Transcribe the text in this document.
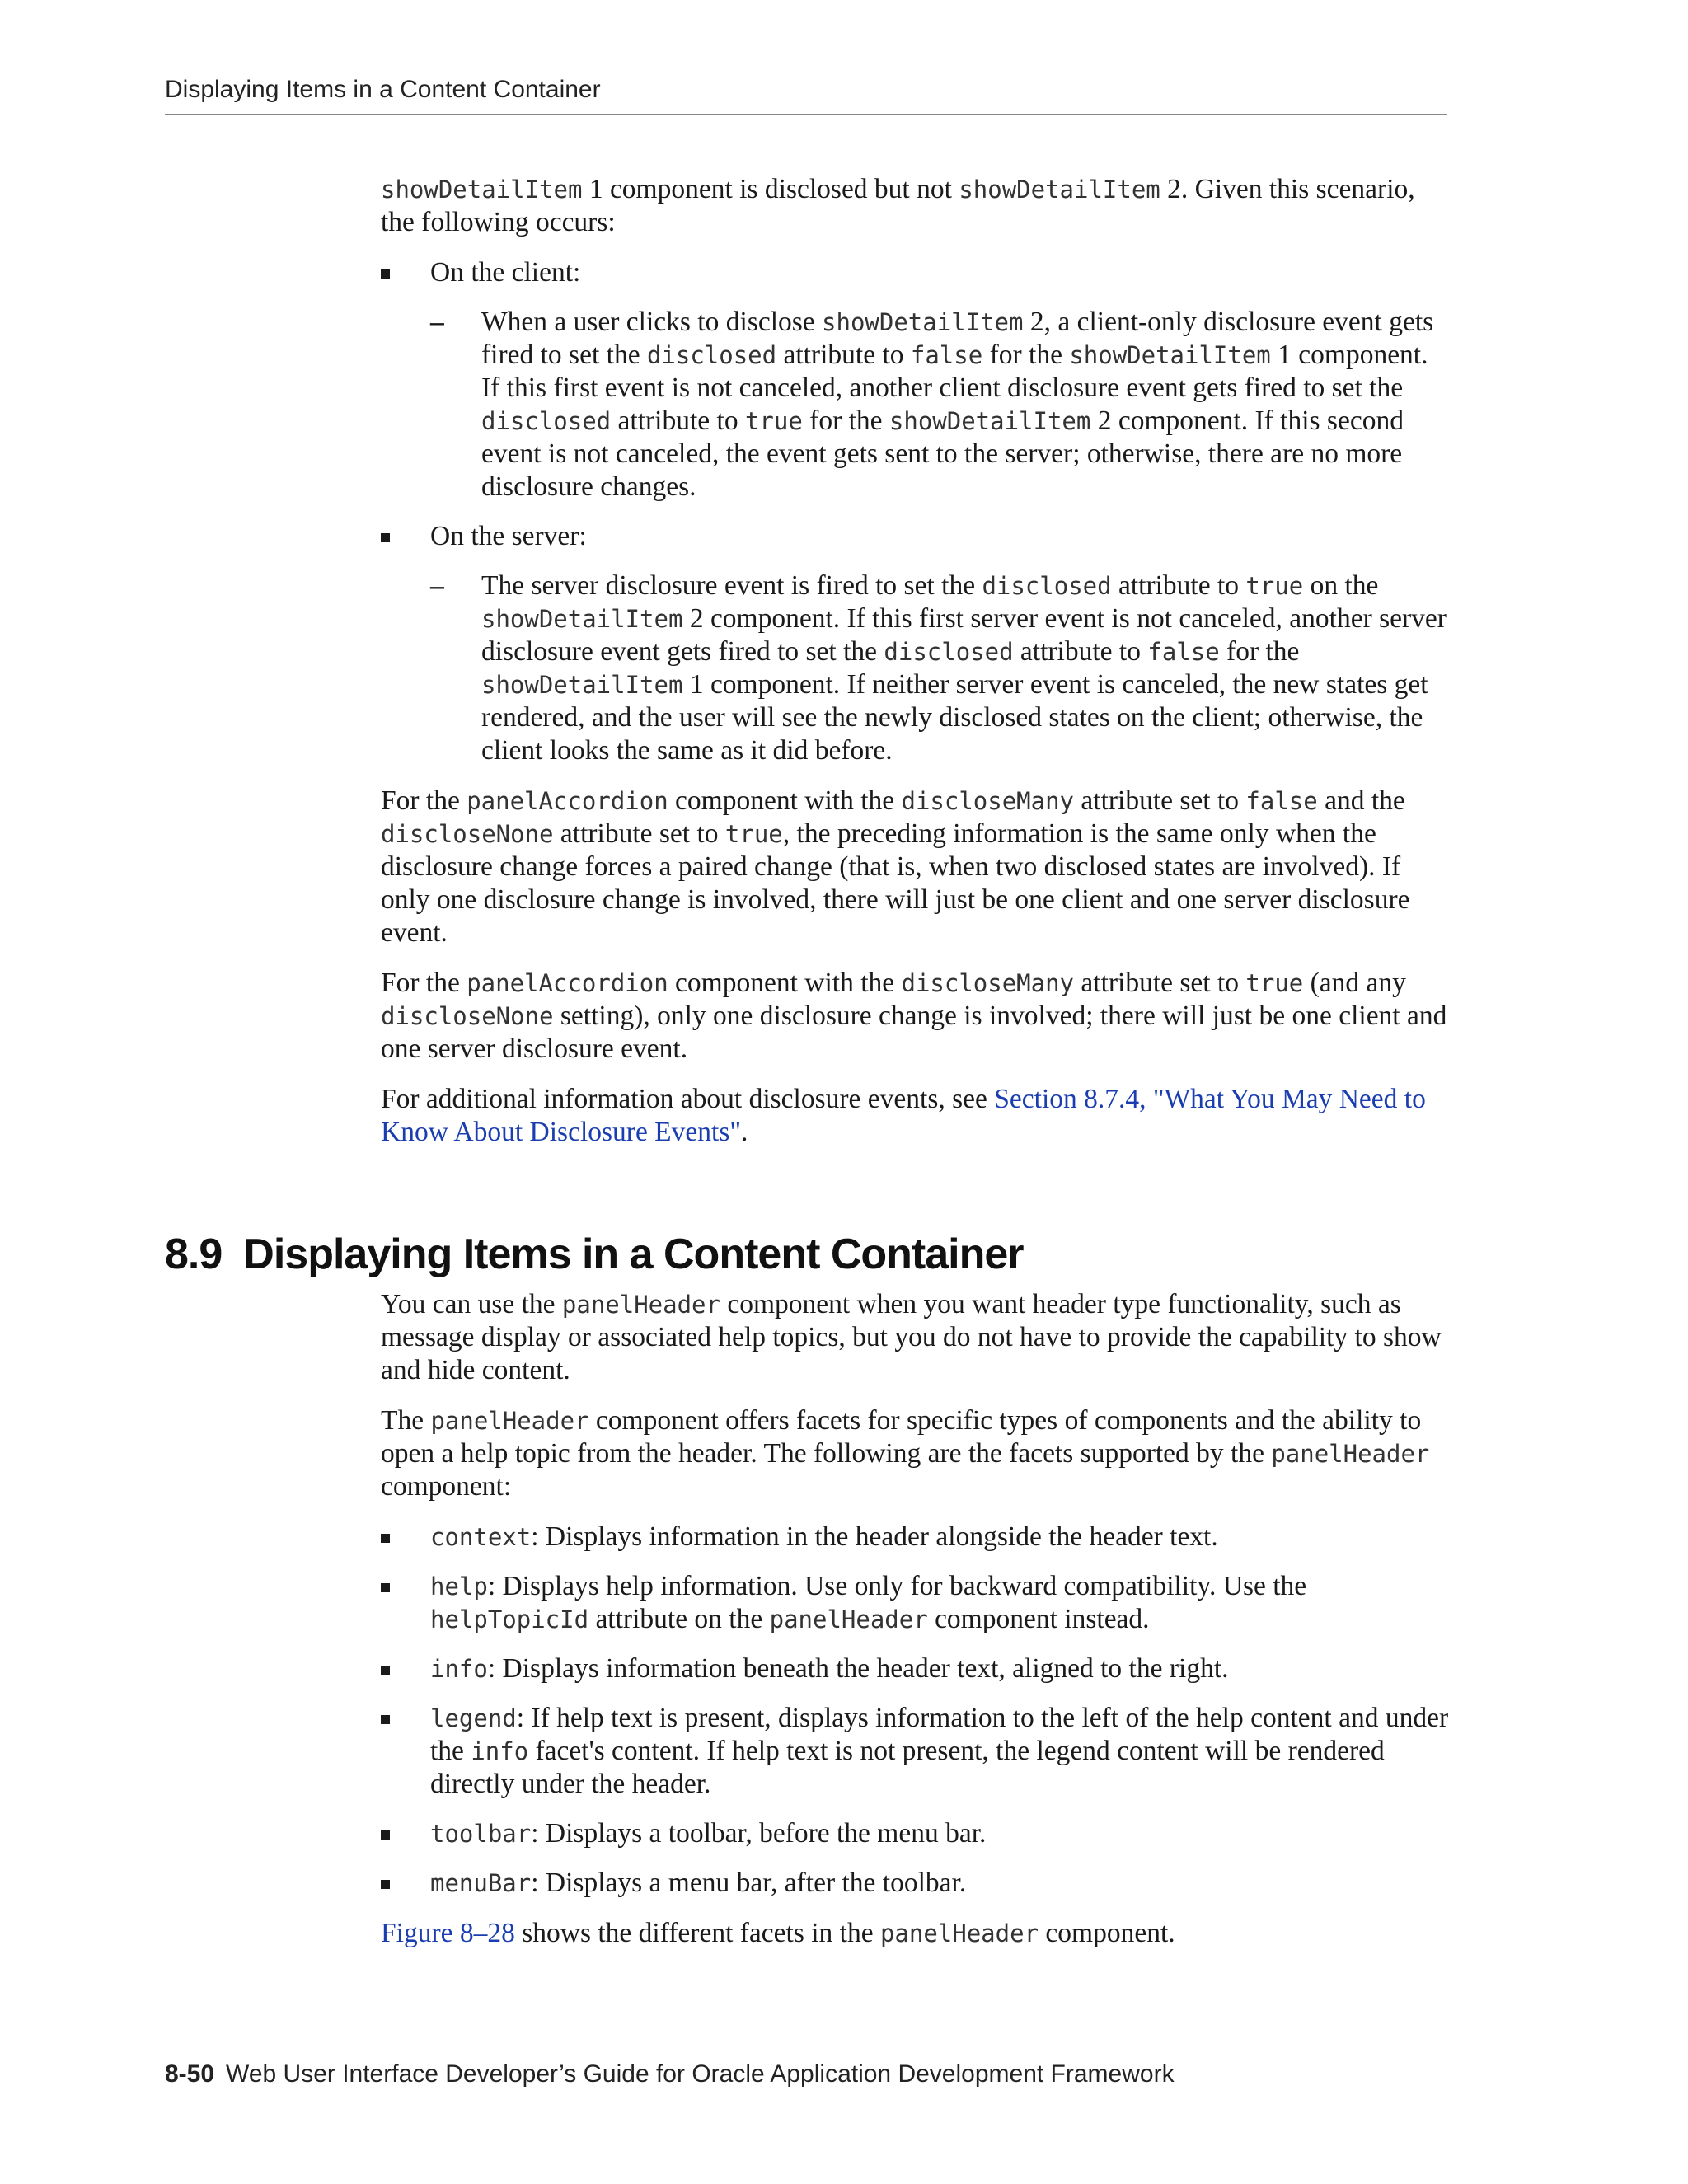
Displaying Items in a Content Container

showDetailItem 1 component is disclosed but not showDetailItem 2. Given this scenario, the following occurs:

On the client:
– When a user clicks to disclose showDetailItem 2, a client-only disclosure event gets fired to set the disclosed attribute to false for the showDetailItem 1 component. If this first event is not canceled, another client disclosure event gets fired to set the disclosed attribute to true for the showDetailItem 2 component. If this second event is not canceled, the event gets sent to the server; otherwise, there are no more disclosure changes.
On the server:
– The server disclosure event is fired to set the disclosed attribute to true on the showDetailItem 2 component. If this first server event is not canceled, another server disclosure event gets fired to set the disclosed attribute to false for the showDetailItem 1 component. If neither server event is canceled, the new states get rendered, and the user will see the newly disclosed states on the client; otherwise, the client looks the same as it did before.

For the panelAccordion component with the discloseMany attribute set to false and the discloseNone attribute set to true, the preceding information is the same only when the disclosure change forces a paired change (that is, when two disclosed states are involved). If only one disclosure change is involved, there will just be one client and one server disclosure event.

For the panelAccordion component with the discloseMany attribute set to true (and any discloseNone setting), only one disclosure change is involved; there will just be one client and one server disclosure event.

For additional information about disclosure events, see Section 8.7.4, "What You May Need to Know About Disclosure Events".

8.9 Displaying Items in a Content Container

You can use the panelHeader component when you want header type functionality, such as message display or associated help topics, but you do not have to provide the capability to show and hide content.

The panelHeader component offers facets for specific types of components and the ability to open a help topic from the header. The following are the facets supported by the panelHeader component:

context: Displays information in the header alongside the header text.
help: Displays help information. Use only for backward compatibility. Use the helpTopicId attribute on the panelHeader component instead.
info: Displays information beneath the header text, aligned to the right.
legend: If help text is present, displays information to the left of the help content and under the info facet's content. If help text is not present, the legend content will be rendered directly under the header.
toolbar: Displays a toolbar, before the menu bar.
menuBar: Displays a menu bar, after the toolbar.

Figure 8–28 shows the different facets in the panelHeader component.

8-50 Web User Interface Developer’s Guide for Oracle Application Development Framework
